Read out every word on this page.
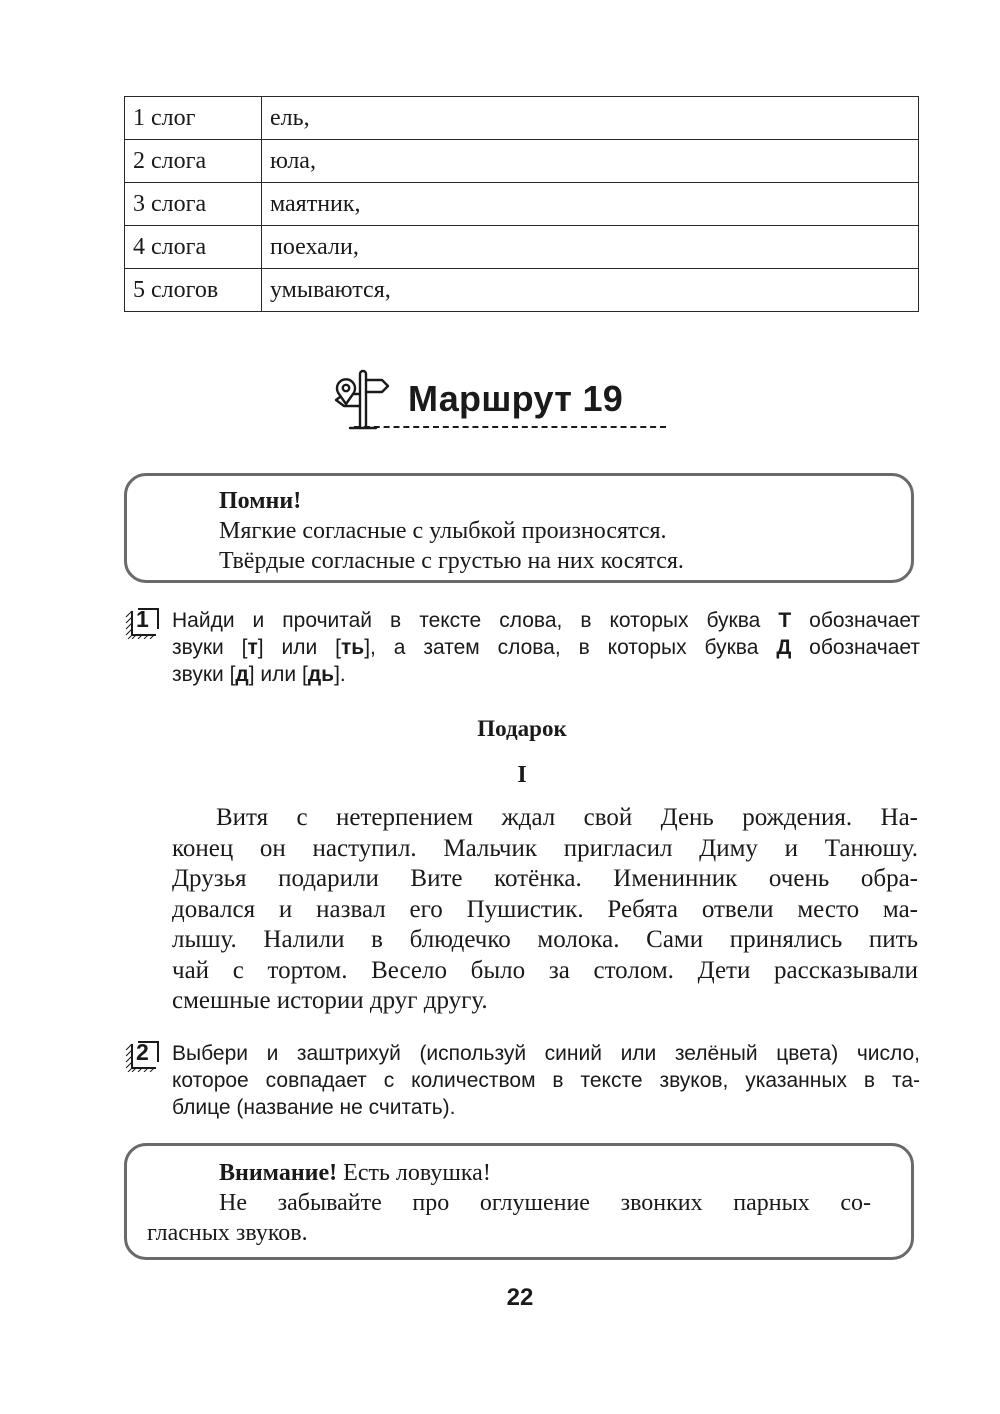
1 слог	ель,
2 слога	юла,
3 слога	маятник,
4 слога	поехали,
5 слогов	умываются,
Маршрут 19
Помни!
Мягкие согласные с улыбкой произносятся.
Твёрдые согласные с грустью на них косятся.
1 Найди и прочитай в тексте слова, в которых буква Т обозначает
звуки [т] или [ть], а затем слова, в которых буква Д обозначает
звуки [д] или [дь].
Подарок
I
Витя с нетерпением ждал свой День рождения. На-
конец он наступил. Мальчик пригласил Диму и Танюшу.
Друзья подарили Вите котёнка. Именинник очень обра-
довался и назвал его Пушистик. Ребята отвели место ма-
лышу. Налили в блюдечко молока. Сами принялись пить
чай с тортом. Весело было за столом. Дети рассказывали
смешные истории друг другу.
2 Выбери и заштрихуй (используй синий или зелёный цвета) число,
которое совпадает с количеством в тексте звуков, указанных в та-
блице (название не считать).
Внимание! Есть ловушка!
Не забывайте про оглушение звонких парных со-
гласных звуков.
22
